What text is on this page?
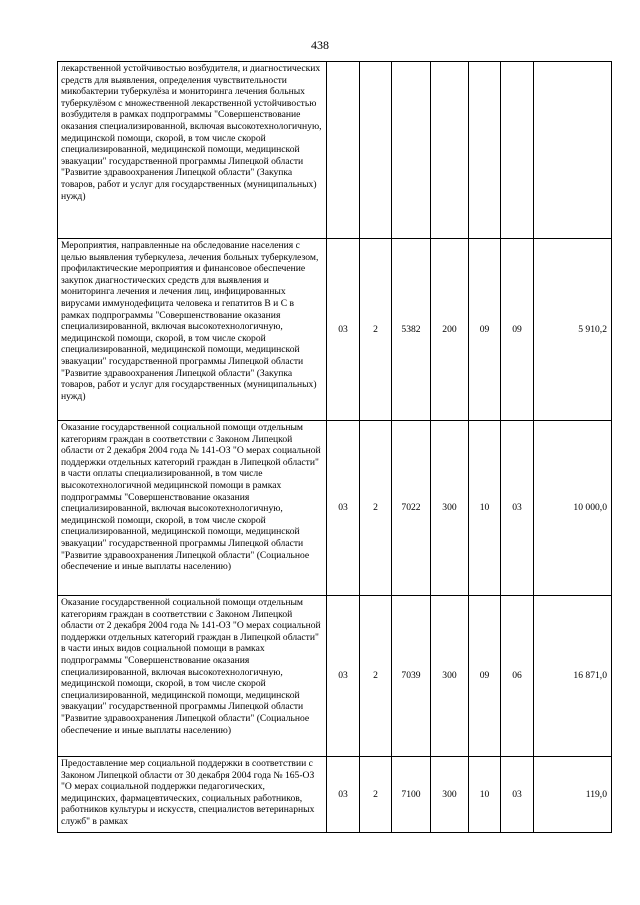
438
лекарственной устойчивостью возбудителя, и диагностических средств для выявления, определения чувствительности микобактерии туберкулёза и мониторинга лечения больных туберкулёзом с множественной лекарственной устойчивостью возбудителя в рамках подпрограммы "Совершенствование оказания специализированной, включая высокотехнологичную, медицинской помощи, скорой, в том числе скорой специализированной, медицинской помощи, медицинской эвакуации" государственной программы Липецкой области "Развитие здравоохранения Липецкой области" (Закупка товаров, работ и услуг для государственных (муниципальных) нужд)							
Мероприятия, направленные на обследование населения с целью выявления туберкулеза, лечения больных туберкулезом, профилактические мероприятия и финансовое обеспечение закупок диагностических средств для выявления и мониторинга лечения и лечения лиц, инфицированных вирусами иммунодефицита человека и гепатитов В и С в рамках подпрограммы "Совершенствование оказания специализированной, включая высокотехнологичную, медицинской помощи, скорой, в том числе скорой специализированной, медицинской помощи, медицинской эвакуации" государственной программы Липецкой области "Развитие здравоохранения Липецкой области" (Закупка товаров, работ и услуг для государственных (муниципальных) нужд)	03	2	5382	200	09	09	5 910,2
Оказание государственной социальной помощи отдельным категориям граждан в соответствии с Законом Липецкой области от 2 декабря 2004 года № 141-ОЗ "О мерах социальной поддержки отдельных категорий граждан в Липецкой области" в части оплаты специализированной, в том числе высокотехнологичной медицинской помощи в рамках подпрограммы "Совершенствование оказания специализированной, включая высокотехнологичную, медицинской помощи, скорой, в том числе скорой специализированной, медицинской помощи, медицинской эвакуации" государственной программы Липецкой области "Развитие здравоохранения Липецкой области" (Социальное обеспечение и иные выплаты населению)	03	2	7022	300	10	03	10 000,0
Оказание государственной социальной помощи отдельным категориям граждан в соответствии с Законом Липецкой области от 2 декабря 2004 года № 141-ОЗ "О мерах социальной поддержки отдельных категорий граждан в Липецкой области" в части иных видов социальной помощи в рамках подпрограммы "Совершенствование оказания специализированной, включая высокотехнологичную, медицинской помощи, скорой, в том числе скорой специализированной, медицинской помощи, медицинской эвакуации" государственной программы Липецкой области "Развитие здравоохранения Липецкой области" (Социальное обеспечение и иные выплаты населению)	03	2	7039	300	09	06	16 871,0
Предоставление мер социальной поддержки в соответствии с Законом Липецкой области от 30 декабря 2004 года № 165-ОЗ "О мерах социальной поддержки педагогических, медицинских, фармацевтических, социальных работников, работников культуры и искусств, специалистов ветеринарных служб" в рамках	03	2	7100	300	10	03	119,0
